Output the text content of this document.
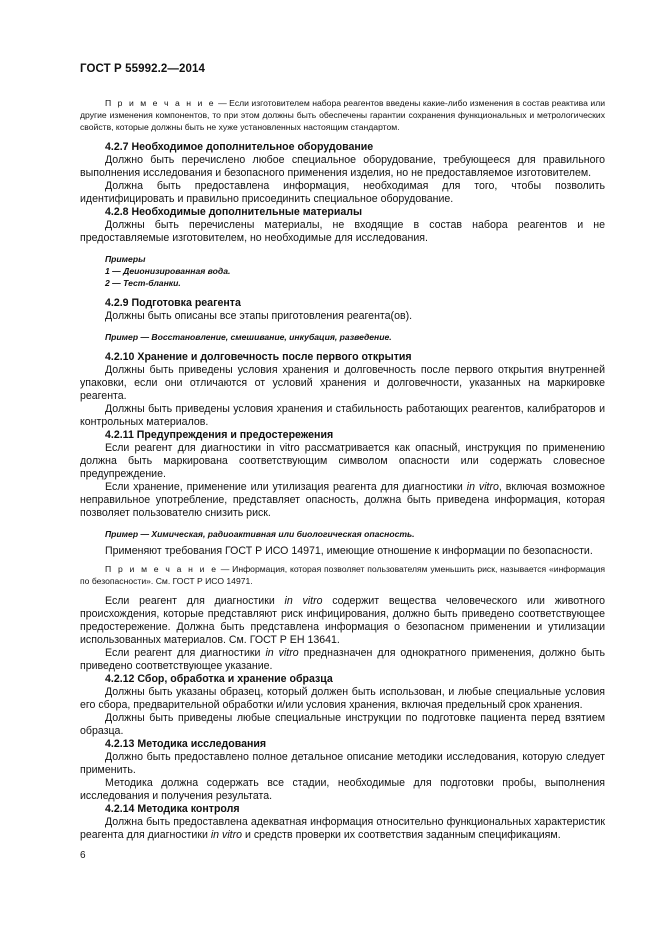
ГОСТ Р 55992.2—2014

П р и м е ч а н и е — Если изготовителем набора реагентов введены какие-либо изменения в состав реактива или другие изменения компонентов, то при этом должны быть обеспечены гарантии сохранения функциональных и метрологических свойств, которые должны быть не хуже установленных настоящим стандартом.

4.2.7 Необходимое дополнительное оборудование

Должно быть перечислено любое специальное оборудование, требующееся для правильного выполнения исследования и безопасного применения изделия, но не предоставляемое изготовителем.

Должна быть предоставлена информация, необходимая для того, чтобы позволить идентифицировать и правильно присоединить специальное оборудование.

4.2.8 Необходимые дополнительные материалы

Должны быть перечислены материалы, не входящие в состав набора реагентов и не предоставляемые изготовителем, но необходимые для исследования.

Примеры

1 — Деионизированная вода.

2 — Тест-бланки.

4.2.9 Подготовка реагента

Должны быть описаны все этапы приготовления реагента(ов).

Пример — Восстановление, смешивание, инкубация, разведение.

4.2.10 Хранение и долговечность после первого открытия

Должны быть приведены условия хранения и долговечность после первого открытия внутренней упаковки, если они отличаются от условий хранения и долговечности, указанных на маркировке реагента.

Должны быть приведены условия хранения и стабильность работающих реагентов, калибраторов и контрольных материалов.

4.2.11 Предупреждения и предостережения

Если реагент для диагностики in vitro рассматривается как опасный, инструкция по применению должна быть маркирована соответствующим символом опасности или содержать словесное предупреждение.

Если хранение, применение или утилизация реагента для диагностики in vitro, включая возможное неправильное употребление, представляет опасность, должна быть приведена информация, которая позволяет пользователю снизить риск.

Пример — Химическая, радиоактивная или биологическая опасность.

Применяют требования ГОСТ Р ИСО 14971, имеющие отношение к информации по безопасности.

П р и м е ч а н и е — Информация, которая позволяет пользователям уменьшить риск, называется «информация по безопасности». См. ГОСТ Р ИСО 14971.

Если реагент для диагностики in vitro содержит вещества человеческого или животного происхождения, которые представляют риск инфицирования, должно быть приведено соответствующее предостережение. Должна быть представлена информация о безопасном применении и утилизации использованных материалов. См. ГОСТ Р ЕН 13641.

Если реагент для диагностики in vitro предназначен для однократного применения, должно быть приведено соответствующее указание.

4.2.12 Сбор, обработка и хранение образца

Должны быть указаны образец, который должен быть использован, и любые специальные условия его сбора, предварительной обработки и/или условия хранения, включая предельный срок хранения.

Должны быть приведены любые специальные инструкции по подготовке пациента перед взятием образца.

4.2.13 Методика исследования

Должно быть предоставлено полное детальное описание методики исследования, которую следует применить.

Методика должна содержать все стадии, необходимые для подготовки пробы, выполнения исследования и получения результата.

4.2.14 Методика контроля

Должна быть предоставлена адекватная информация относительно функциональных характеристик реагента для диагностики in vitro и средств проверки их соответствия заданным спецификациям.

6
